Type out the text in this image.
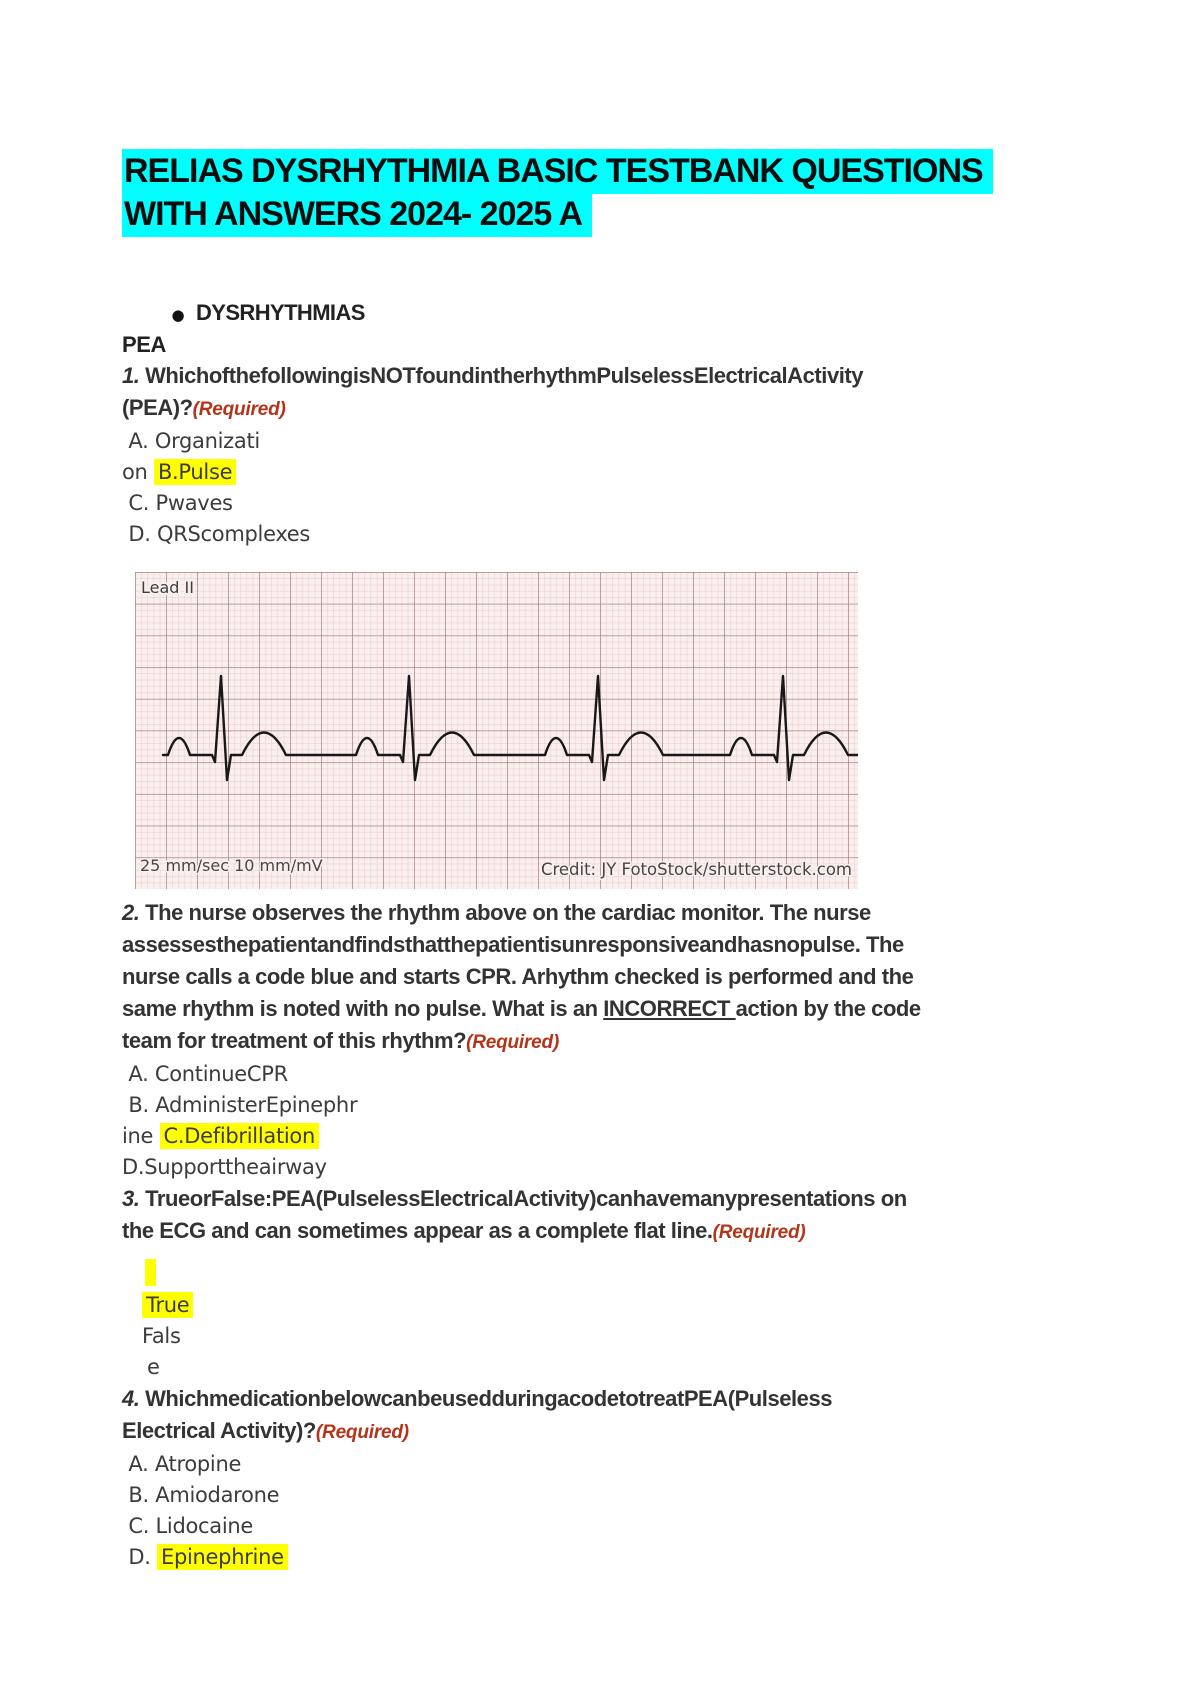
RELIAS DYSRHYTHMIA BASIC TESTBANK QUESTIONS
WITH ANSWERS 2024- 2025 A
● DYSRHYTHMIAS
PEA
1. WhichofthefollowingisNOTfoundintherhythmPulselessElectricalActivity
(PEA)?(Required)
A. Organizati
on B.Pulse
C. Pwaves
D. QRScomplexes
Lead II
25 mm/sec 10 mm/mV	Credit: JY FotoStock/shutterstock.com
2. The nurse observes the rhythm above on the cardiac monitor. The nurse
assessesthepatientandfindsthatthepatientisunresponsiveandhasnopulse. The
nurse calls a code blue and starts CPR. Arhythm checked is performed and the
same rhythm is noted with no pulse. What is an INCORRECT action by the code
team for treatment of this rhythm?(Required)
A. ContinueCPR
B. AdministerEpinephr
ine C.Defibrillation
D.Supporttheairway
3. TrueorFalse:PEA(PulselessElectricalActivity)canhavemanypresentations on
the ECG and can sometimes appear as a complete flat line.(Required)
True
Fals
e
4. WhichmedicationbelowcanbeusedduringacodetotreatPEA(Pulseless
Electrical Activity)?(Required)
A. Atropine
B. Amiodarone
C. Lidocaine
D. Epinephrine
